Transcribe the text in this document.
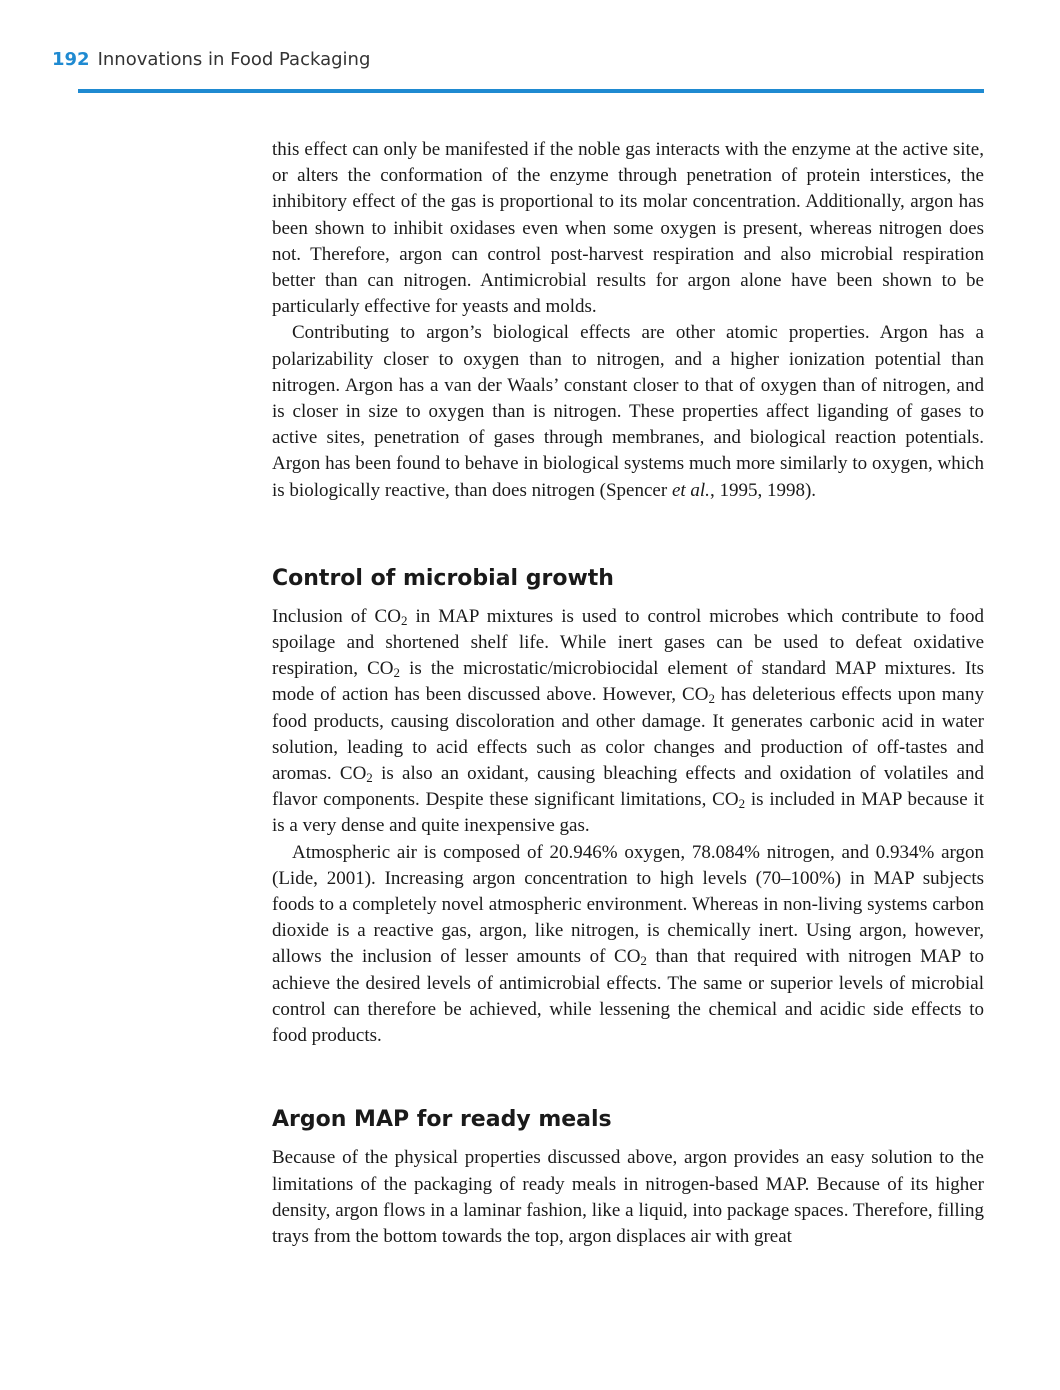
192 Innovations in Food Packaging

this effect can only be manifested if the noble gas interacts with the enzyme at the active site, or alters the conformation of the enzyme through penetration of protein interstices, the inhibitory effect of the gas is proportional to its molar concentration. Additionally, argon has been shown to inhibit oxidases even when some oxygen is present, whereas nitrogen does not. Therefore, argon can control post-harvest respiration and also microbial respiration better than can nitrogen. Antimicrobial results for argon alone have been shown to be particularly effective for yeasts and molds.

Contributing to argon’s biological effects are other atomic properties. Argon has a polarizability closer to oxygen than to nitrogen, and a higher ionization potential than nitrogen. Argon has a van der Waals’ constant closer to that of oxygen than of nitrogen, and is closer in size to oxygen than is nitrogen. These properties affect liganding of gases to active sites, penetration of gases through membranes, and biological reaction potentials. Argon has been found to behave in biological systems much more similarly to oxygen, which is biologically reactive, than does nitrogen (Spencer et al., 1995, 1998).

Control of microbial growth

Inclusion of $CO_2$ in MAP mixtures is used to control microbes which contribute to food spoilage and shortened shelf life. While inert gases can be used to defeat oxidative respiration, $CO_2$ is the microstatic/microbiocidal element of standard MAP mixtures. Its mode of action has been discussed above. However, $CO_2$ has deleterious effects upon many food products, causing discoloration and other damage. It generates carbonic acid in water solution, leading to acid effects such as color changes and production of off-tastes and aromas. $CO_2$ is also an oxidant, causing bleaching effects and oxidation of volatiles and flavor components. Despite these significant limitations, $CO_2$ is included in MAP because it is a very dense and quite inexpensive gas.

Atmospheric air is composed of 20.946% oxygen, 78.084% nitrogen, and 0.934% argon (Lide, 2001). Increasing argon concentration to high levels (70–100%) in MAP subjects foods to a completely novel atmospheric environment. Whereas in non-living systems carbon dioxide is a reactive gas, argon, like nitrogen, is chemically inert. Using argon, however, allows the inclusion of lesser amounts of $CO_2$ than that required with nitrogen MAP to achieve the desired levels of antimicrobial effects. The same or superior levels of microbial control can therefore be achieved, while lessening the chemical and acidic side effects to food products.

Argon MAP for ready meals

Because of the physical properties discussed above, argon provides an easy solution to the limitations of the packaging of ready meals in nitrogen-based MAP. Because of its higher density, argon flows in a laminar fashion, like a liquid, into package spaces. Therefore, filling trays from the bottom towards the top, argon displaces air with great
